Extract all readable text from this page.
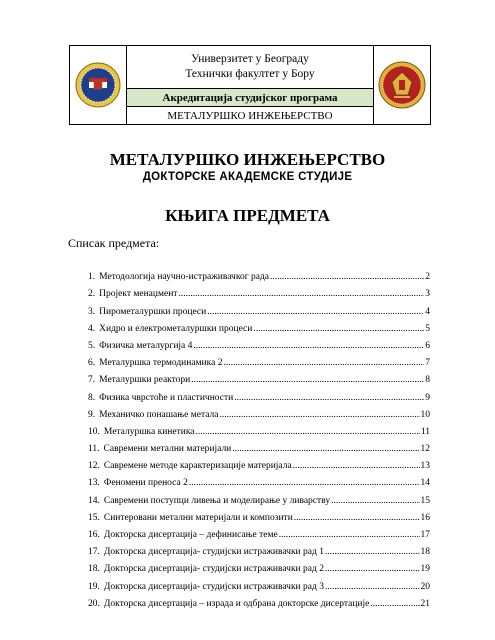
Универзитет у Београду
Технички факултет у Бору
Акредитација студијског програма
МЕТАЛУРШКО ИНЖЕЊЕРСТВО
МЕТАЛУРШКО ИНЖЕЊЕРСТВО
ДОКТОРСКЕ АКАДЕМСКЕ СТУДИЈЕ
КЊИГА ПРЕДМЕТА
Списак предмета:
1. Методологија научно-истраживачког рада .....	2
2. Пројект менаџмент .....	3
3. Пирометалуршки процеси .....	4
4. Хидро и електрометалуршки процеси .....	5
5. Физичка металургија 4 .....	6
6. Металуршка термодинамика 2 .....	7
7. Металуршки реактори .....	8
8. Физика чврстоће и пластичности .....	9
9. Механичко понашање метала .....	10
10. Металуршка кинетика .....	11
11. Савремени метални материјали .....	12
12. Савремене методе карактеризације материјала .....	13
13. Феномени преноса 2 .....	14
14. Савремени поступци ливења и моделирање у ливарству .....	15
15. Синтеровани метални материјали и композити .....	16
16. Докторска дисертација – дефинисање теме .....	17
17. Докторска дисертација- студијски истраживачки рад 1 .....	18
18. Докторска дисертација- студијски истраживачки рад 2 .....	19
19. Докторска дисертација- студијски истраживачки рад 3 .....	20
20. Докторска дисертација – израда и одбрана докторске дисертације .....	21
